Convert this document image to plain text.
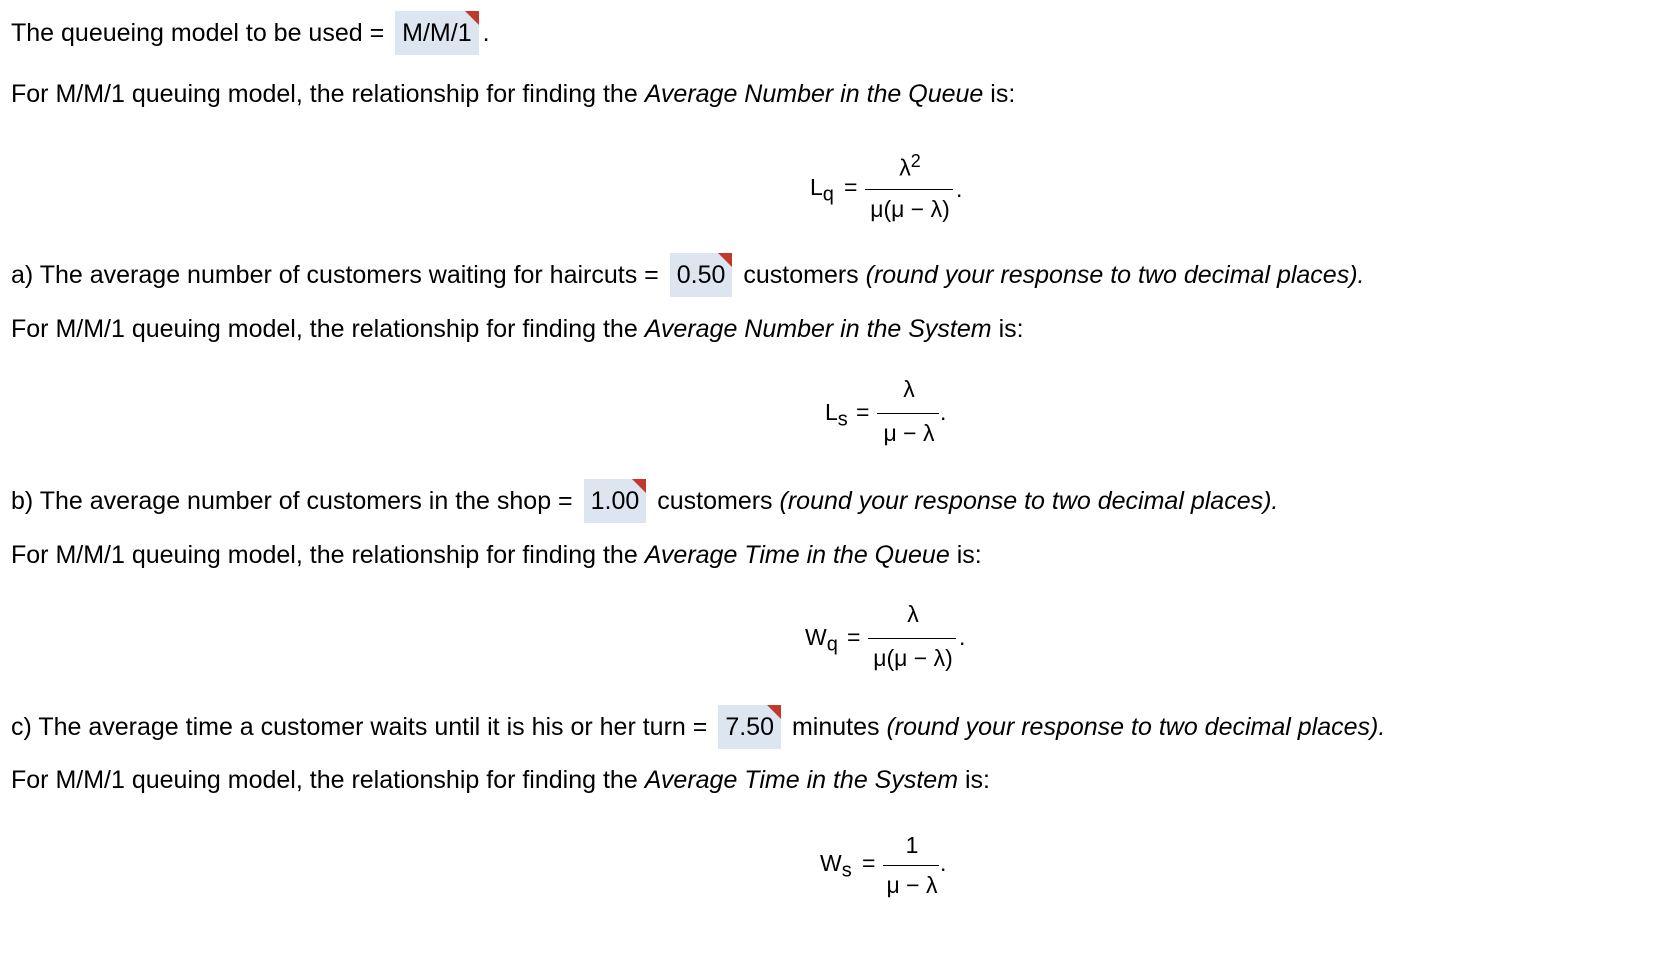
The queueing model to be used = M/M/1 .
For M/M/1 queuing model, the relationship for finding the Average Number in the Queue is:
$L_q$ =
$\lambda^2$
μ(μ − λ)
.
a) The average number of customers waiting for haircuts = 0.50 customers (round your response to two decimal places).
For M/M/1 queuing model, the relationship for finding the Average Number in the System is:
$L_s$ =
λ
μ − λ
.
b) The average number of customers in the shop = 1.00 customers (round your response to two decimal places).
For M/M/1 queuing model, the relationship for finding the Average Time in the Queue is:
$W_q$ =
λ
μ(μ − λ)
.
c) The average time a customer waits until it is his or her turn = 7.50 minutes (round your response to two decimal places).
For M/M/1 queuing model, the relationship for finding the Average Time in the System is:
$W_s$ =
1
μ − λ
.
